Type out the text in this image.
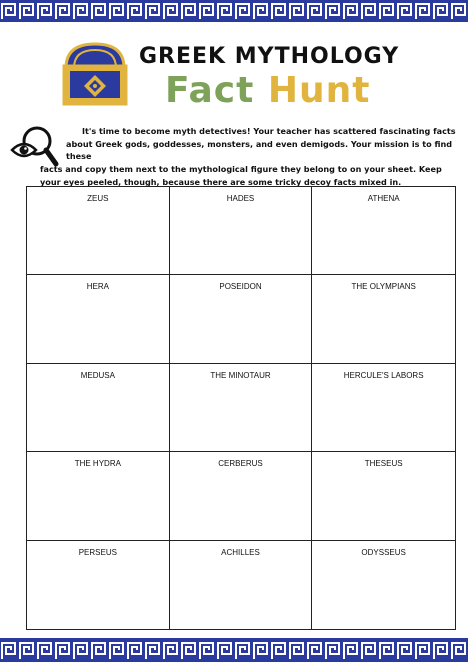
GREEK MYTHOLOGY
Fact Hunt
It's time to become myth detectives! Your teacher has scattered fascinating facts about Greek gods, goddesses, monsters, and even demigods. Your mission is to find these
facts and copy them next to the mythological figure they belong to on your sheet. Keep your eyes peeled, though, because there are some tricky decoy facts mixed in.
ZEUS	HADES	ATHENA
HERA	POSEIDON	THE OLYMPIANS
MEDUSA	THE MINOTAUR	HERCULE'S LABORS
THE HYDRA	CERBERUS	THESEUS
PERSEUS	ACHILLES	ODYSSEUS
